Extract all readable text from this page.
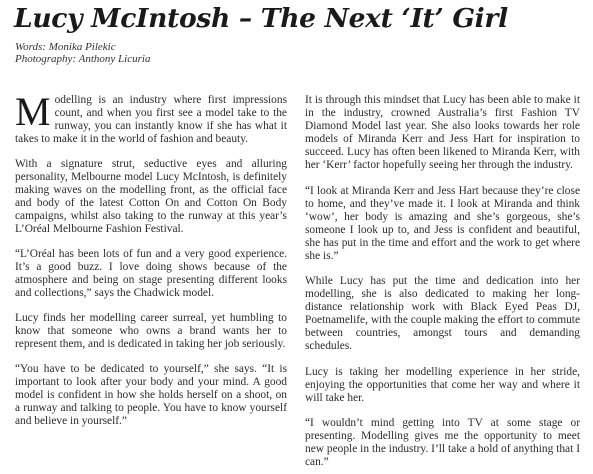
Lucy McIntosh – The Next ‘It’ Girl
Words: Monika Pilekic
Photography: Anthony Licuria

Modelling is an industry where first impressions count, and when you first see a model take to the runway, you can instantly know if she has what it takes to make it in the world of fashion and beauty.

With a signature strut, seductive eyes and alluring personality, Melbourne model Lucy McIntosh, is definitely making waves on the modelling front, as the official face and body of the latest Cotton On and Cotton On Body campaigns, whilst also taking to the runway at this year’s L’Oréal Melbourne Fashion Festival.

“L’Oréal has been lots of fun and a very good experience. It’s a good buzz. I love doing shows because of the atmosphere and being on stage presenting different looks and collections,” says the Chadwick model.

Lucy finds her modelling career surreal, yet humbling to know that someone who owns a brand wants her to represent them, and is dedicated in taking her job seriously.

“You have to be dedicated to yourself,” she says. “It is important to look after your body and your mind. A good model is confident in how she holds herself on a shoot, on a runway and talking to people. You have to know yourself and believe in yourself.”

It is through this mindset that Lucy has been able to make it in the industry, crowned Australia’s first Fashion TV Diamond Model last year. She also looks towards her role models of Miranda Kerr and Jess Hart for inspiration to succeed. Lucy has often been likened to Miranda Kerr, with her ‘Kerr’ factor hopefully seeing her through the industry.

“I look at Miranda Kerr and Jess Hart because they’re close to home, and they’ve made it. I look at Miranda and think ‘wow’, her body is amazing and she’s gorgeous, she’s someone I look up to, and Jess is confident and beautiful, she has put in the time and effort and the work to get where she is.”

While Lucy has put the time and dedication into her modelling, she is also dedicated to making her long-distance relationship work with Black Eyed Peas DJ, Poetnamelife, with the couple making the effort to commute between countries, amongst tours and demanding schedules.

Lucy is taking her modelling experience in her stride, enjoying the opportunities that come her way and where it will take her.

“I wouldn’t mind getting into TV at some stage or presenting. Modelling gives me the opportunity to meet new people in the industry. I’ll take a hold of anything that I can.”
